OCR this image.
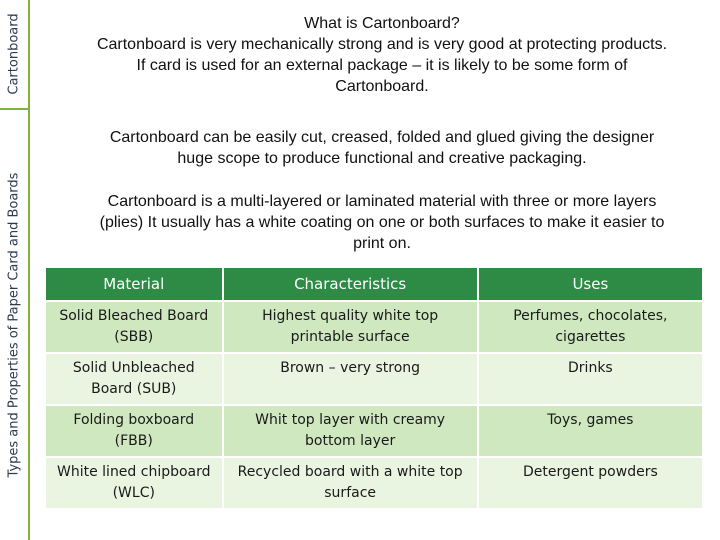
Cartonboard
Types and Properties of Paper Card and Boards
What is Cartonboard?
Cartonboard is very mechanically strong and is very good at protecting products.
If card is used for an external package – it is likely to be some form of
Cartonboard.
Cartonboard can be easily cut, creased, folded and glued giving the designer
huge scope to produce functional and creative packaging.
Cartonboard is a multi-layered or laminated material with three or more layers
(plies) It usually has a white coating on one or both surfaces to make it easier to
print on.
Material	Characteristics	Uses
Solid Bleached Board (SBB)	Highest quality white top printable surface	Perfumes, chocolates, cigarettes
Solid Unbleached Board (SUB)	Brown – very strong	Drinks
Folding boxboard (FBB)	Whit top layer with creamy bottom layer	Toys, games
White lined chipboard (WLC)	Recycled board with a white top surface	Detergent powders
